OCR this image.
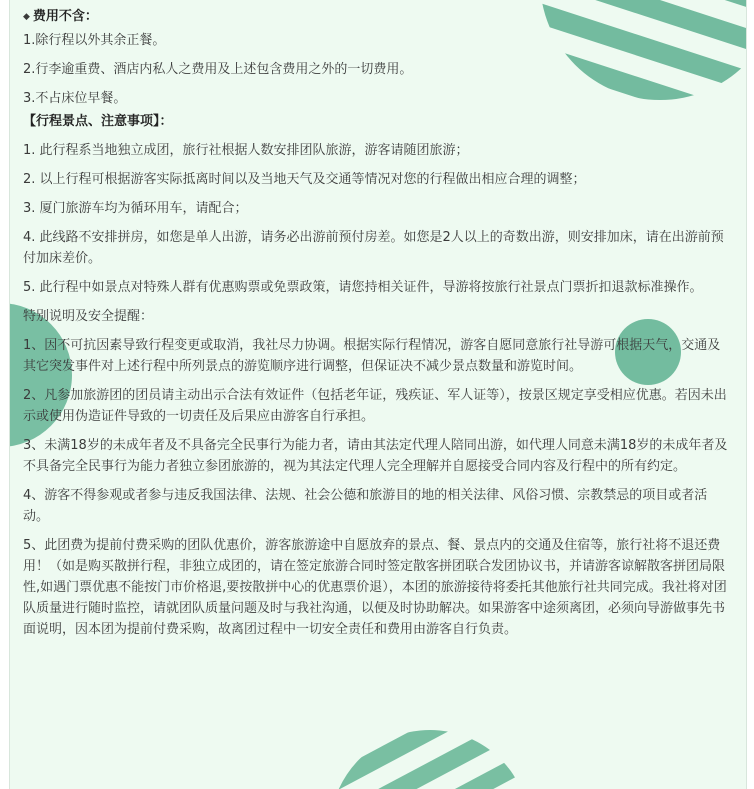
◆ 费用不含：

1.除行程以外其余正餐。

2.行李逾重费、酒店内私人之费用及上述包含费用之外的一切费用。

3.不占床位早餐。

【行程景点、注意事项】：

1. 此行程系当地独立成团，旅行社根据人数安排团队旅游，游客请随团旅游；

2. 以上行程可根据游客实际抵离时间以及当地天气及交通等情况对您的行程做出相应合理的调整；

3. 厦门旅游车均为循环用车，请配合；

4. 此线路不安排拼房，如您是单人出游，请务必出游前预付房差。如您是2人以上的奇数出游，则安排加床，请在出游前预付加床差价。

5. 此行程中如景点对特殊人群有优惠购票或免票政策，请您持相关证件，导游将按旅行社景点门票折扣退款标准操作。

特别说明及安全提醒：

1、因不可抗因素导致行程变更或取消，我社尽力协调。根据实际行程情况，游客自愿同意旅行社导游可根据天气，交通及其它突发事件对上述行程中所列景点的游览顺序进行调整，但保证决不减少景点数量和游览时间。

2、凡参加旅游团的团员请主动出示合法有效证件（包括老年证，残疾证、军人证等），按景区规定享受相应优惠。若因未出示或使用伪造证件导致的一切责任及后果应由游客自行承担。

3、未满18岁的未成年者及不具备完全民事行为能力者，请由其法定代理人陪同出游，如代理人同意未满18岁的未成年者及不具备完全民事行为能力者独立参团旅游的，视为其法定代理人完全理解并自愿接受合同内容及行程中的所有约定。

4、游客不得参观或者参与违反我国法律、法规、社会公德和旅游目的地的相关法律、风俗习惯、宗教禁忌的项目或者活动。

5、此团费为提前付费采购的团队优惠价，游客旅游途中自愿放弃的景点、餐、景点内的交通及住宿等，旅行社将不退还费用！（如是购买散拼行程，非独立成团的，请在签定旅游合同时签定散客拼团联合发团协议书，并请游客谅解散客拼团局限性,如遇门票优惠不能按门市价格退,要按散拼中心的优惠票价退），本团的旅游接待将委托其他旅行社共同完成。我社将对团队质量进行随时监控，请就团队质量问题及时与我社沟通，以便及时协助解决。如果游客中途须离团，必须向导游做事先书面说明，因本团为提前付费采购，故离团过程中一切安全责任和费用由游客自行负责。
